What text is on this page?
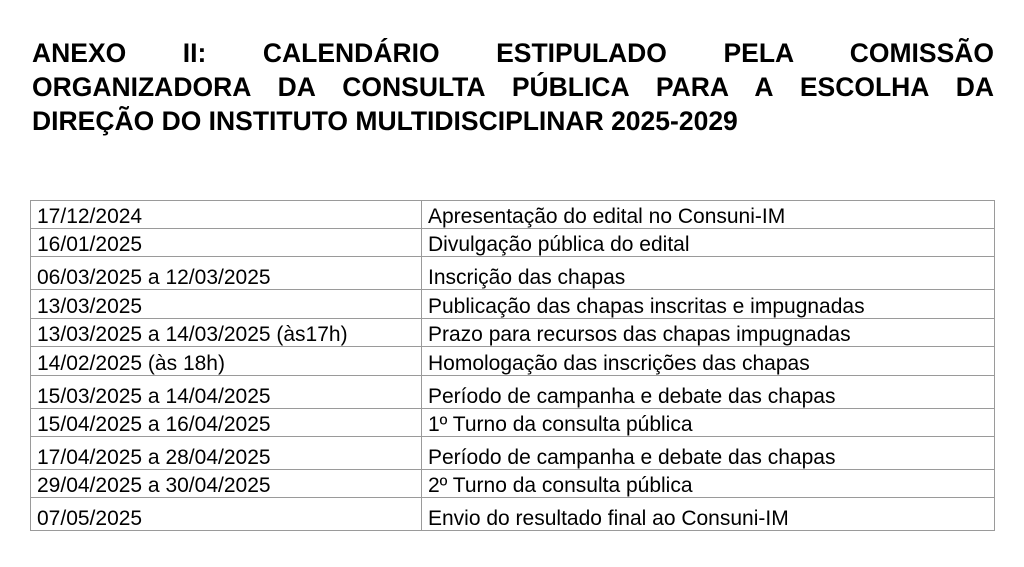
ANEXO II: CALENDÁRIO ESTIPULADO PELA COMISSÃO
ORGANIZADORA DA CONSULTA PÚBLICA PARA A ESCOLHA DA
DIREÇÃO DO INSTITUTO MULTIDISCIPLINAR 2025-2029
17/12/2024	Apresentação do edital no Consuni-IM
16/01/2025	Divulgação pública do edital
06/03/2025 a 12/03/2025	Inscrição das chapas
13/03/2025	Publicação das chapas inscritas e impugnadas
13/03/2025 a 14/03/2025 (às17h)	Prazo para recursos das chapas impugnadas
14/02/2025 (às 18h)	Homologação das inscrições das chapas
15/03/2025 a 14/04/2025	Período de campanha e debate das chapas
15/04/2025 a 16/04/2025	1º Turno da consulta pública
17/04/2025 a 28/04/2025	Período de campanha e debate das chapas
29/04/2025 a 30/04/2025	2º Turno da consulta pública
07/05/2025	Envio do resultado final ao Consuni-IM
